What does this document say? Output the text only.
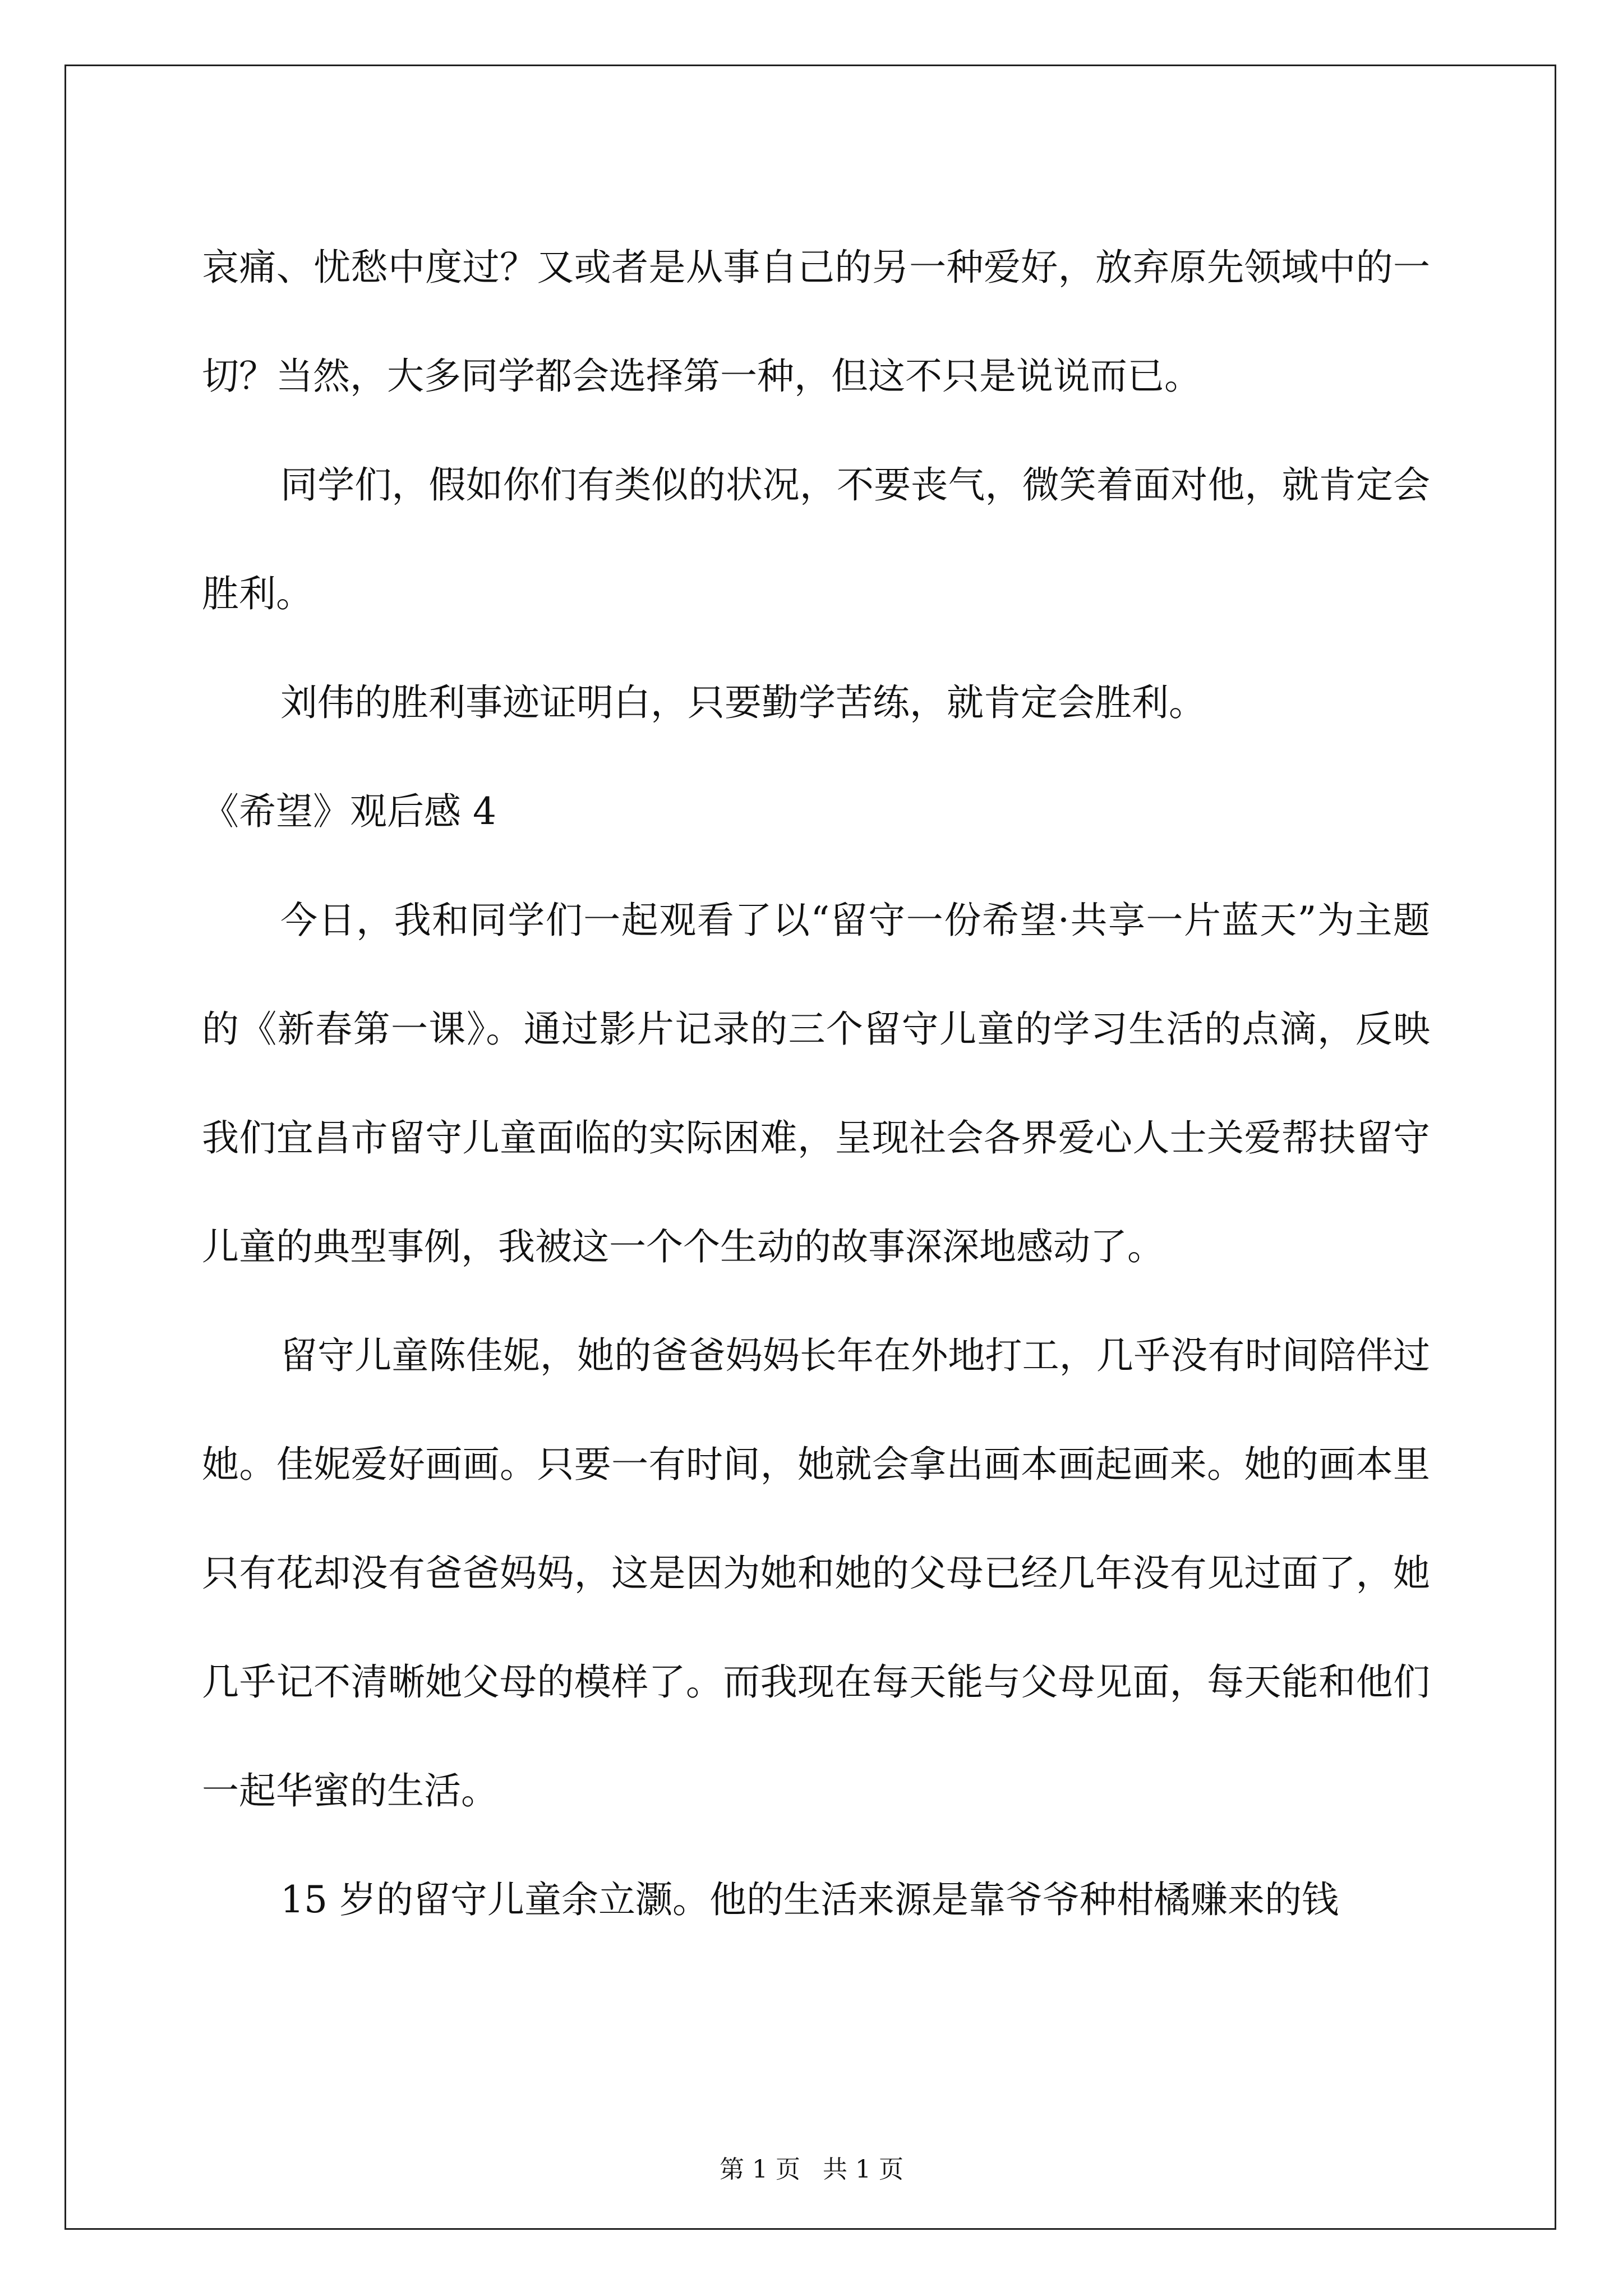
哀痛、忧愁中度过？又或者是从事自己的另一种爱好，放弃原先领域中的一切？当然，大多同学都会选择第一种，但这不只是说说而已。

同学们，假如你们有类似的状况，不要丧气，微笑着面对他，就肯定会胜利。

刘伟的胜利事迹证明白，只要勤学苦练，就肯定会胜利。

《希望》观后感 4

今日，我和同学们一起观看了以“留守一份希望·共享一片蓝天”为主题的《新春第一课》。通过影片记录的三个留守儿童的学习生活的点滴，反映我们宜昌市留守儿童面临的实际困难，呈现社会各界爱心人士关爱帮扶留守儿童的典型事例，我被这一个个生动的故事深深地感动了。

留守儿童陈佳妮，她的爸爸妈妈长年在外地打工，几乎没有时间陪伴过她。佳妮爱好画画。只要一有时间，她就会拿出画本画起画来。她的画本里只有花却没有爸爸妈妈，这是因为她和她的父母已经几年没有见过面了，她几乎记不清晰她父母的模样了。而我现在每天能与父母见面，每天能和他们一起华蜜的生活。

15 岁的留守儿童余立灏。他的生活来源是靠爷爷种柑橘赚来的钱

第 1 页 共 1 页
